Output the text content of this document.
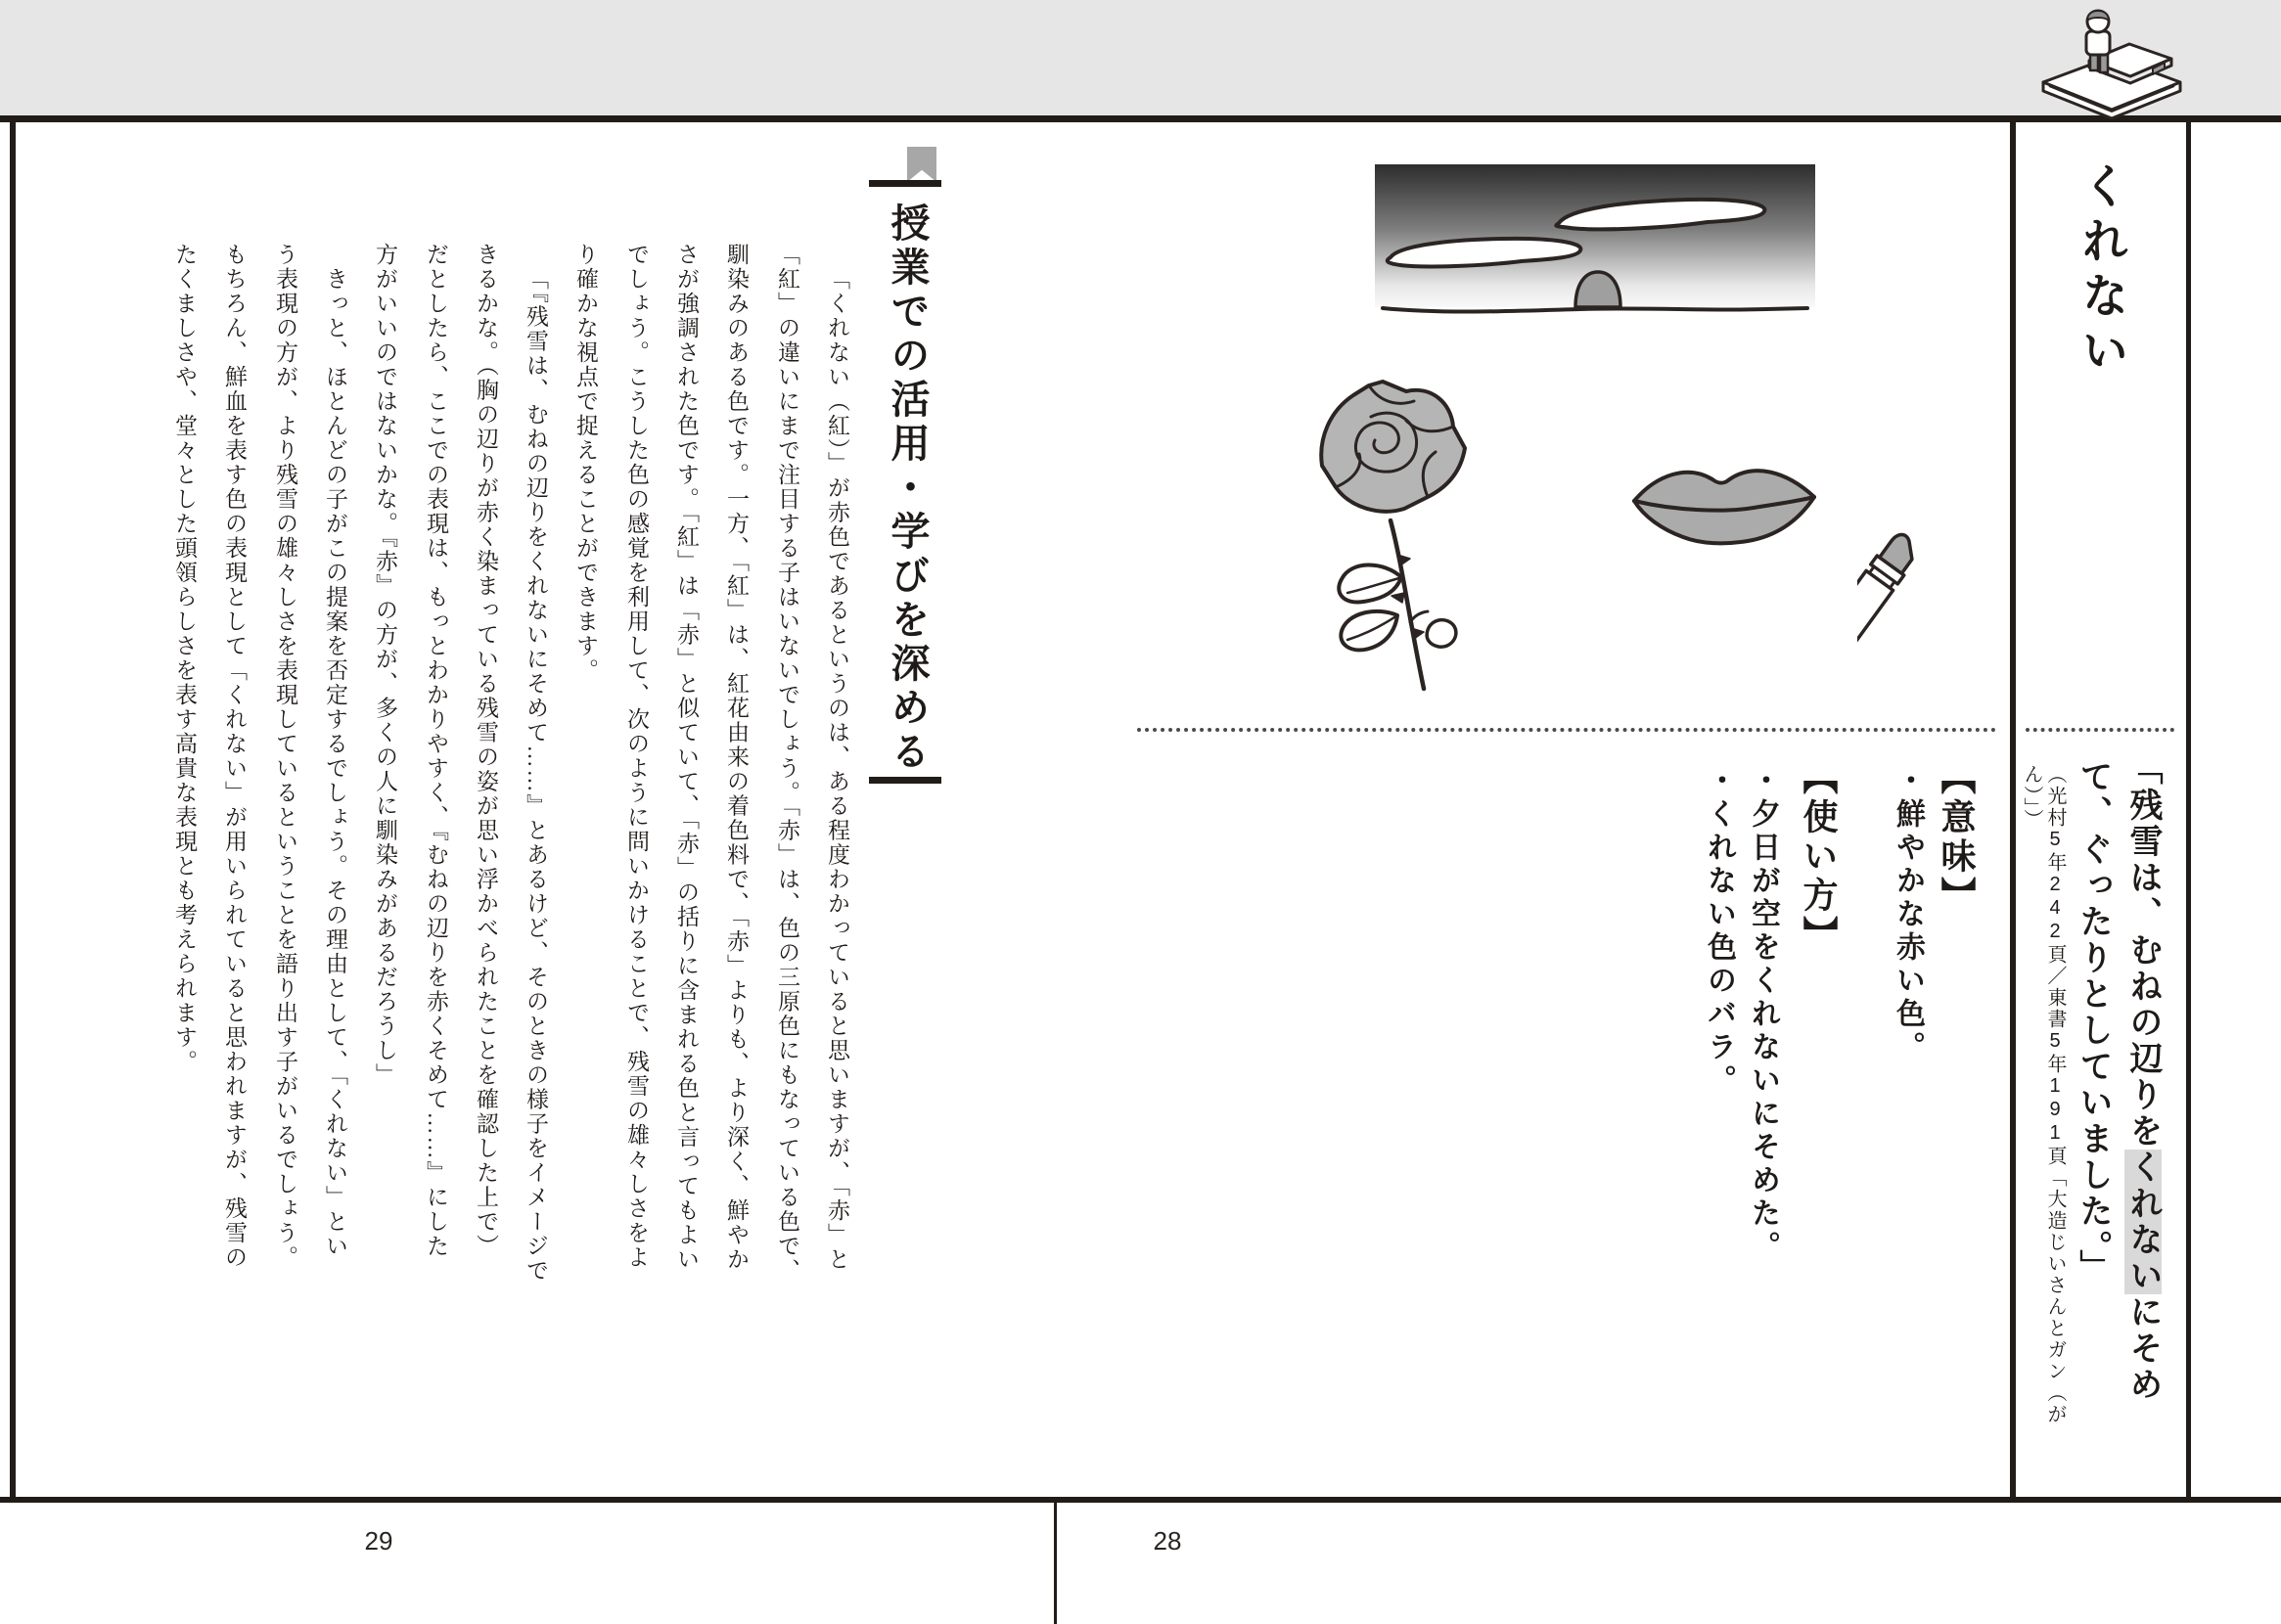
授業での活用・学びを深める
「くれない（紅）」が赤色であるというのは、ある程度わかっていると思いますが、「赤」と
「紅」の違いにまで注目する子はいないでしょう。「赤」は、色の三原色にもなっている色で、
馴染みのある色です。一方、「紅」は、紅花由来の着色料で、「赤」よりも、より深く、鮮やか
さが強調された色です。「紅」は「赤」と似ていて、「赤」の括りに含まれる色と言ってもよい
でしょう。こうした色の感覚を利用して、次のように問いかけることで、残雪の雄々しさをよ
り確かな視点で捉えることができます。
「『残雪は、むねの辺りをくれないにそめて……』とあるけど、そのときの様子をイメージで
きるかな。（胸の辺りが赤く染まっている残雪の姿が思い浮かべられたことを確認した上で）
だとしたら、ここでの表現は、もっとわかりやすく、『むねの辺りを赤くそめて……』にした
方がいいのではないかな。『赤』の方が、多くの人に馴染みがあるだろうし」
きっと、ほとんどの子がこの提案を否定するでしょう。その理由として、「くれない」とい
う表現の方が、より残雪の雄々しさを表現しているということを語り出す子がいるでしょう。
もちろん、鮮血を表す色の表現として「くれない」が用いられていると思われますが、残雪の
たくましさや、堂々とした頭領らしさを表す高貴な表現とも考えられます。
29
くれない
「残雪は、むねの辺りをくれないにそめ
て、ぐったりとしていました。」
（光村5年242頁／東書5年191頁「大造じいさんとガン（がん）」）
【意味】
・鮮やかな赤い色。
【使い方】
・夕日が空をくれないにそめた。
・くれない色のバラ。
28
